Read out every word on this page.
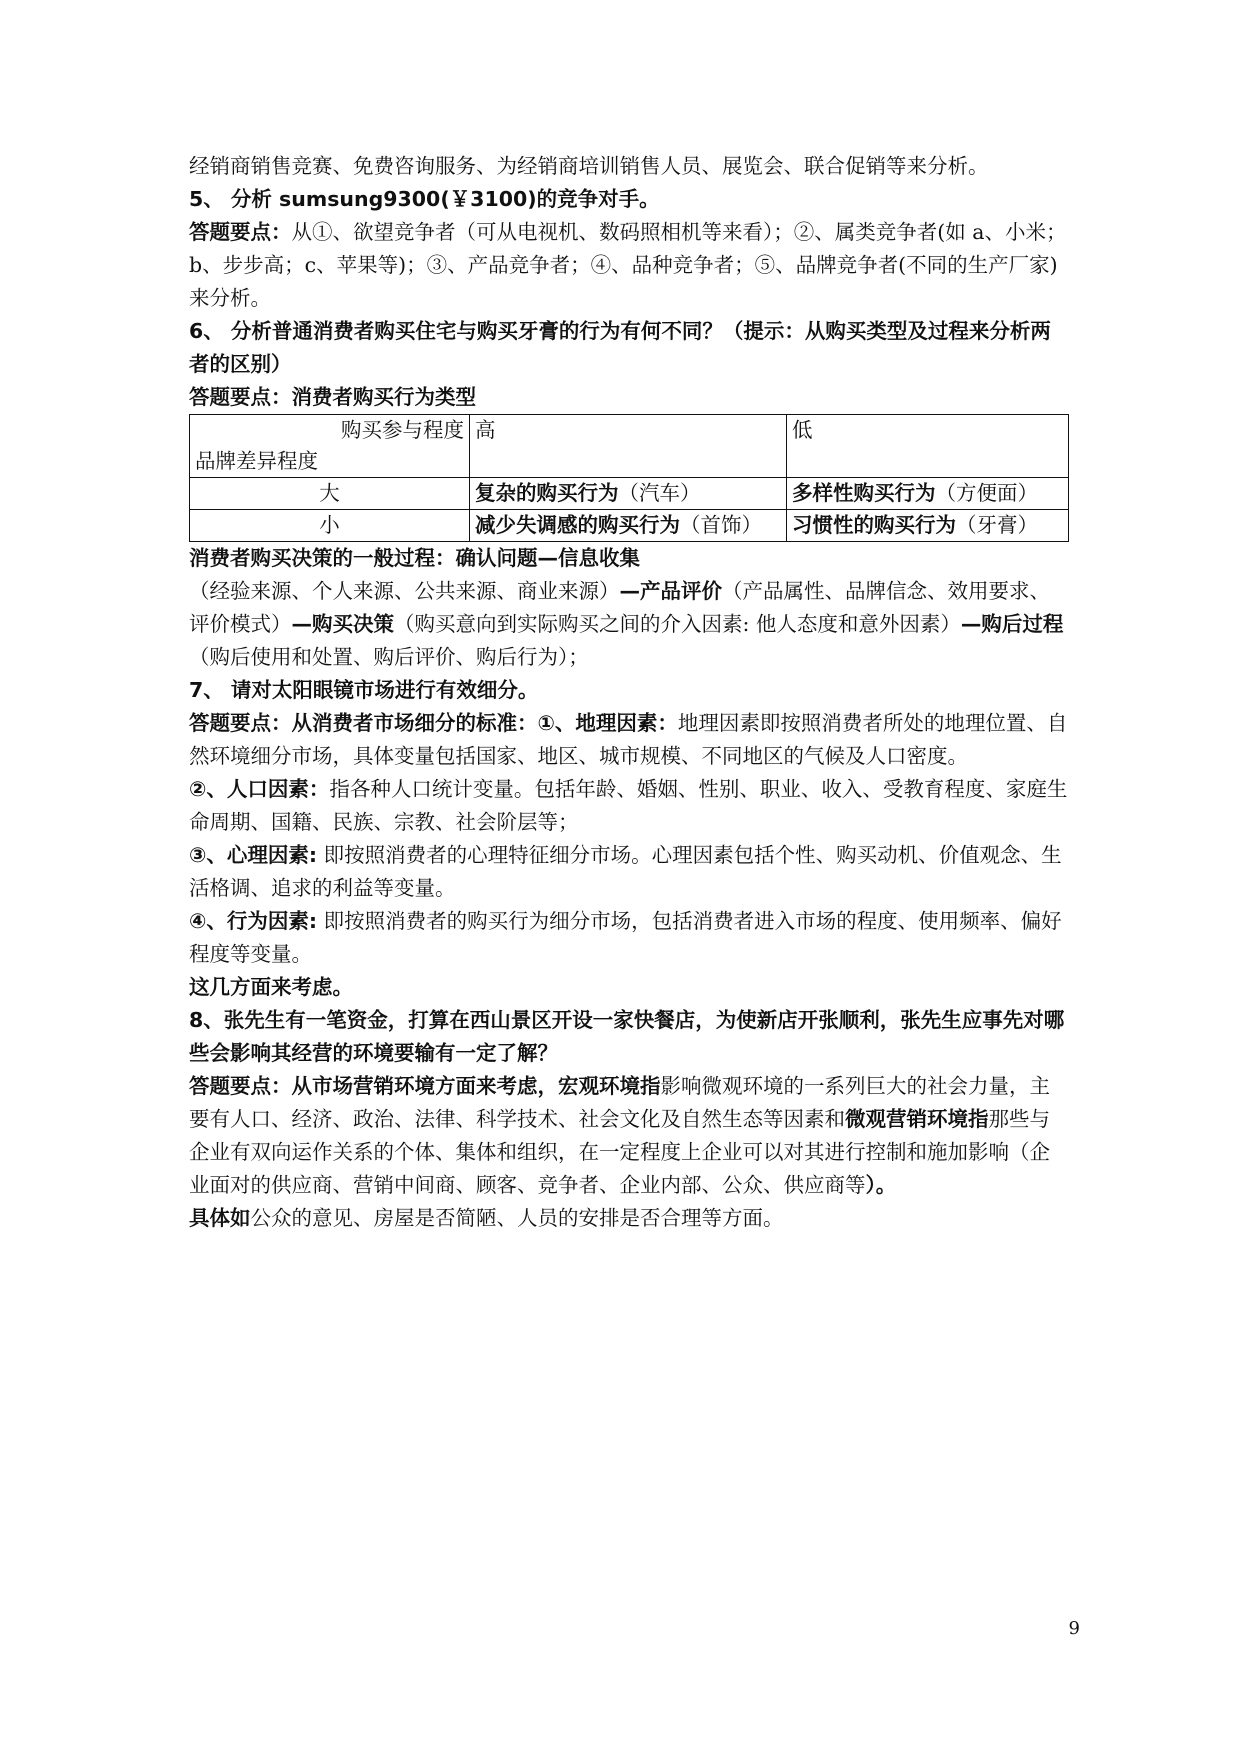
经销商销售竞赛、免费咨询服务、为经销商培训销售人员、展览会、联合促销等来分析。

5、 分析 sumsung9300(￥3100)的竞争对手。

答题要点：从①、欲望竞争者（可从电视机、数码照相机等来看）；②、属类竞争者(如 a、小米；b、步步高；c、苹果等)；③、产品竞争者；④、品种竞争者；⑤、品牌竞争者(不同的生产厂家)来分析。

6、 分析普通消费者购买住宅与购买牙膏的行为有何不同？（提示：从购买类型及过程来分析两者的区别）

答题要点：消费者购买行为类型

购买参与程度
品牌差异程度	高	低
大	复杂的购买行为（汽车）	多样性购买行为（方便面）
小	减少失调感的购买行为（首饰）	习惯性的购买行为（牙膏）

消费者购买决策的一般过程：确认问题—信息收集（经验来源、个人来源、公共来源、商业来源）—产品评价（产品属性、品牌信念、效用要求、评价模式）—购买决策（购买意向到实际购买之间的介入因素: 他人态度和意外因素）—购后过程（购后使用和处置、购后评价、购后行为）；

7、 请对太阳眼镜市场进行有效细分。

答题要点：从消费者市场细分的标准：①、地理因素：地理因素即按照消费者所处的地理位置、自然环境细分市场，具体变量包括国家、地区、城市规模、不同地区的气候及人口密度。

②、人口因素：指各种人口统计变量。包括年龄、婚姻、性别、职业、收入、受教育程度、家庭生命周期、国籍、民族、宗教、社会阶层等；

③、心理因素: 即按照消费者的心理特征细分市场。心理因素包括个性、购买动机、价值观念、生活格调、追求的利益等变量。

④、行为因素: 即按照消费者的购买行为细分市场，包括消费者进入市场的程度、使用频率、偏好程度等变量。

这几方面来考虑。

8、张先生有一笔资金，打算在西山景区开设一家快餐店，为使新店开张顺利，张先生应事先对哪些会影响其经营的环境要输有一定了解？

答题要点：从市场营销环境方面来考虑，宏观环境指影响微观环境的一系列巨大的社会力量，主要有人口、经济、政治、法律、科学技术、社会文化及自然生态等因素和微观营销环境指那些与企业有双向运作关系的个体、集体和组织，在一定程度上企业可以对其进行控制和施加影响（企业面对的供应商、营销中间商、顾客、竞争者、企业内部、公众、供应商等）。

具体如公众的意见、房屋是否简陋、人员的安排是否合理等方面。

9
